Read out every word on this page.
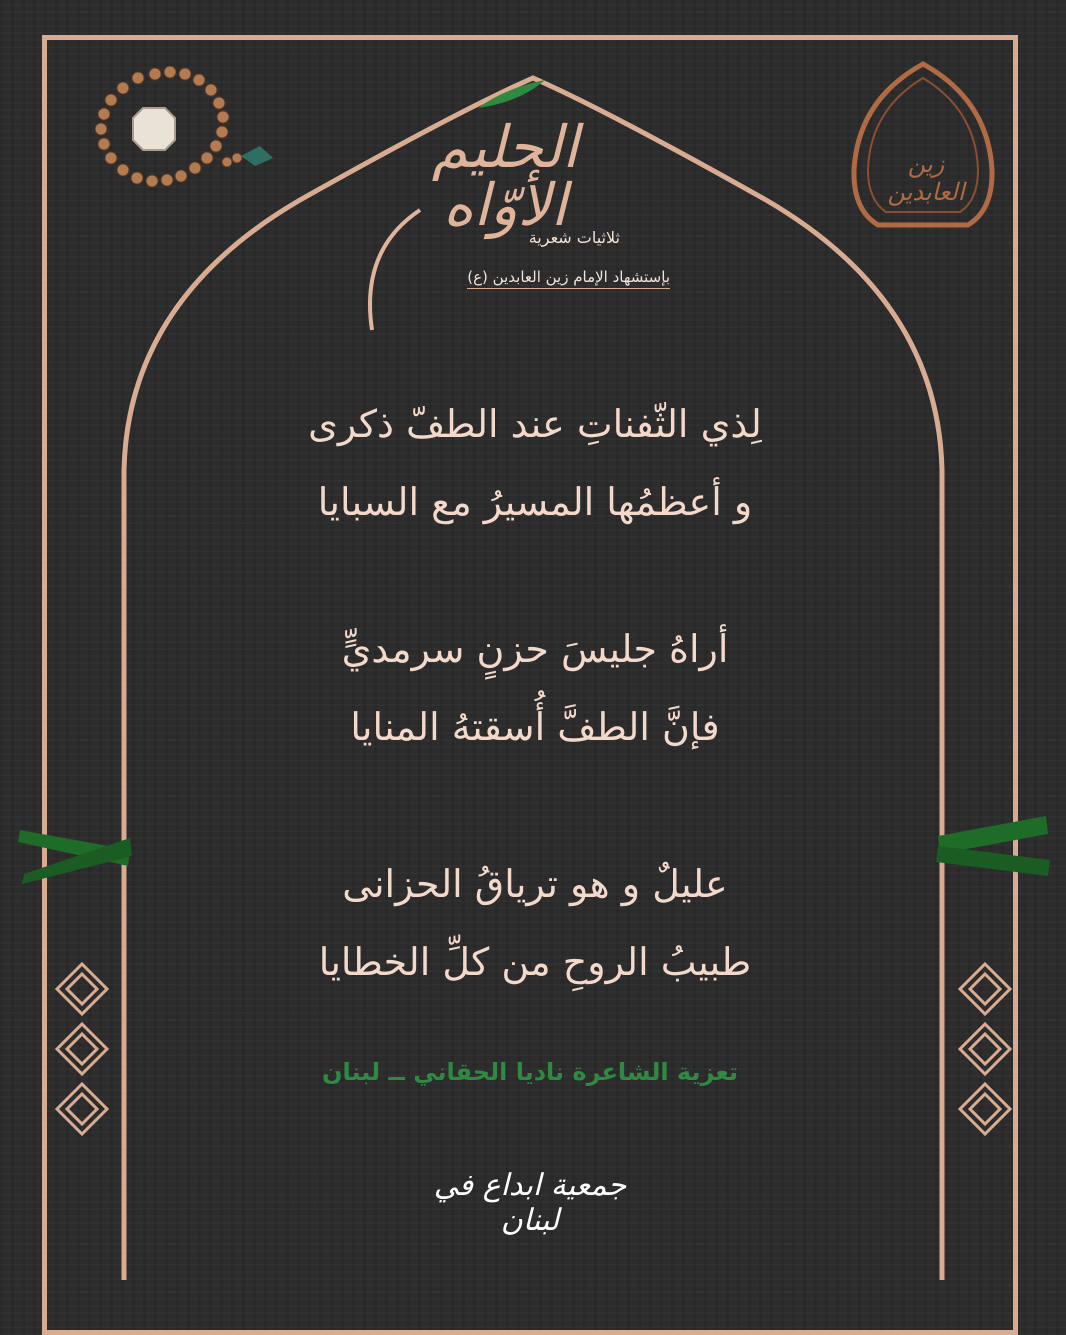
الحليم الأوّاه
ثلاثيات شعرية
بإستشهاد الإمام زين العابدين (ع)
زين العابدين

لِذي الثّفناتِ عند الطفّ ذكرى

و أعظمُها المسيرُ مع السبايا

أراهُ جليسَ حزنٍ سرمديٍّ

فإنَّ الطفَّ أُسقتهُ المنايا

عليلٌ و هو ترياقُ الحزانى

طبيبُ الروحِ من كلِّ الخطايا

تعزية الشاعرة ناديا الحقاني ــ لبنان
جمعية ابداع في لبنان
